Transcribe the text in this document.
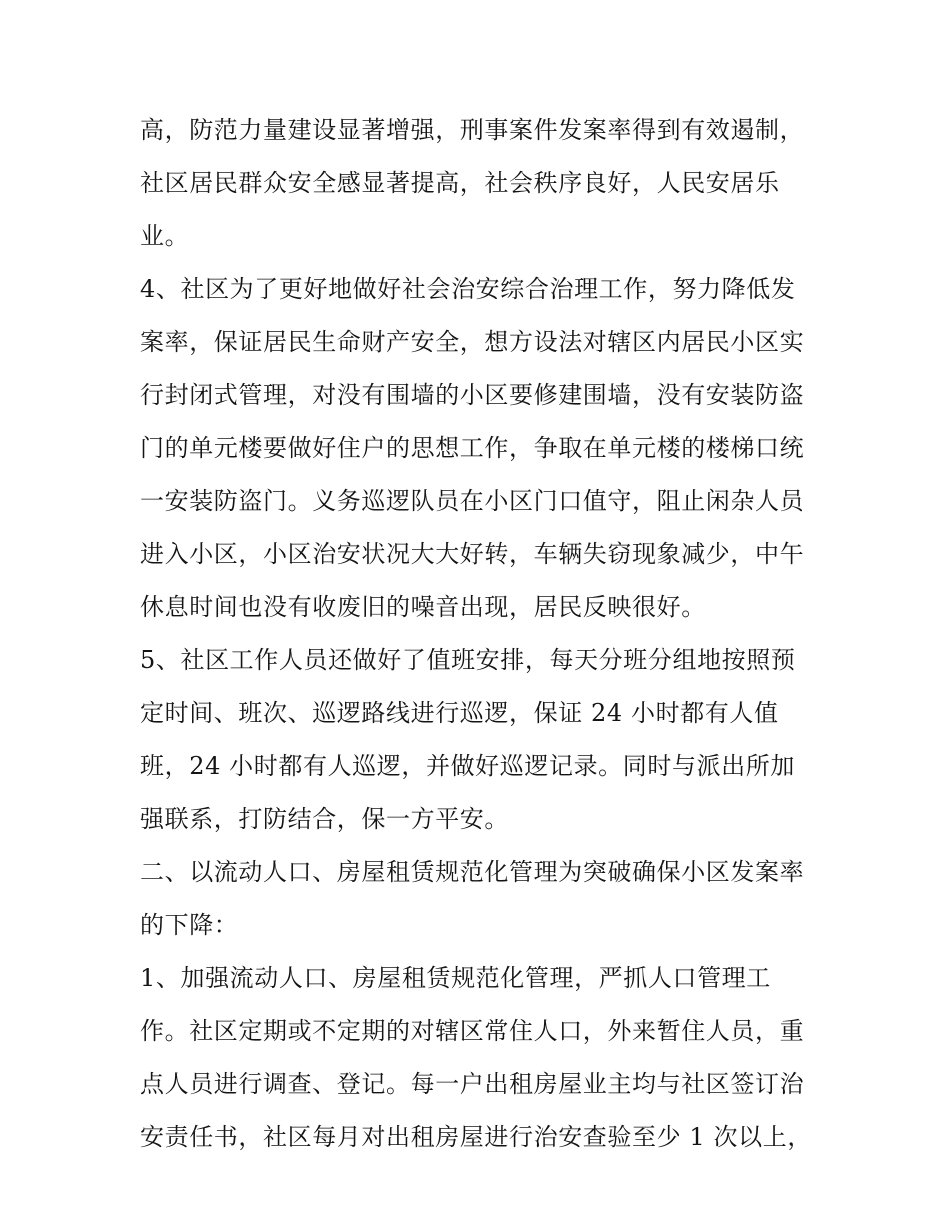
高，防范力量建设显著增强，刑事案件发案率得到有效遏制，
社区居民群众安全感显著提高，社会秩序良好，人民安居乐
业。
4、社区为了更好地做好社会治安综合治理工作，努力降低发
案率，保证居民生命财产安全，想方设法对辖区内居民小区实
行封闭式管理，对没有围墙的小区要修建围墙，没有安装防盗
门的单元楼要做好住户的思想工作，争取在单元楼的楼梯口统
一安装防盗门。义务巡逻队员在小区门口值守，阻止闲杂人员
进入小区，小区治安状况大大好转，车辆失窃现象减少，中午
休息时间也没有收废旧的噪音出现，居民反映很好。
5、社区工作人员还做好了值班安排，每天分班分组地按照预
定时间、班次、巡逻路线进行巡逻，保证 24 小时都有人值
班，24 小时都有人巡逻，并做好巡逻记录。同时与派出所加
强联系，打防结合，保一方平安。
二、以流动人口、房屋租赁规范化管理为突破确保小区发案率
的下降：
1、加强流动人口、房屋租赁规范化管理，严抓人口管理工
作。社区定期或不定期的对辖区常住人口，外来暂住人员，重
点人员进行调查、登记。每一户出租房屋业主均与社区签订治
安责任书，社区每月对出租房屋进行治安查验至少 1 次以上，
